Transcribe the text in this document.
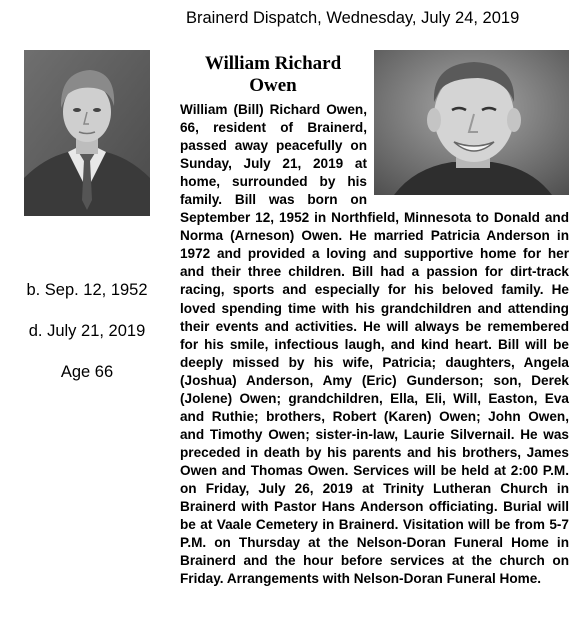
Brainerd Dispatch, Wednesday, July 24, 2019
b. Sep. 12, 1952
d. July 21, 2019
Age 66
William Richard
Owen
William (Bill) Richard Owen, 66, resident of Brainerd, passed away peacefully on Sunday, July 21, 2019 at home, surrounded by his family. Bill was born on September 12, 1952 in Northfield, Minnesota to Donald and Norma (Arneson) Owen. He married Patricia Anderson in 1972 and provided a loving and supportive home for her and their three children. Bill had a passion for dirt-track racing, sports and especially for his beloved family. He loved spending time with his grandchildren and attending their events and activities. He will always be remembered for his smile, infectious laugh, and kind heart. Bill will be deeply missed by his wife, Patricia; daughters, Angela (Joshua) Anderson, Amy (Eric) Gunderson; son, Derek (Jolene) Owen; grandchildren, Ella, Eli, Will, Easton, Eva and Ruthie; brothers, Robert (Karen) Owen; John Owen, and Timothy Owen; sister-in-law, Laurie Silvernail. He was preceded in death by his parents and his brothers, James Owen and Thomas Owen. Services will be held at 2:00 P.M. on Friday, July 26, 2019 at Trinity Lutheran Church in Brainerd with Pastor Hans Anderson officiating. Burial will be at Vaale Cemetery in Brainerd. Visitation will be from 5-7 P.M. on Thursday at the Nelson-Doran Funeral Home in Brainerd and the hour before services at the church on Friday. Arrangements with Nelson-Doran Funeral Home.
